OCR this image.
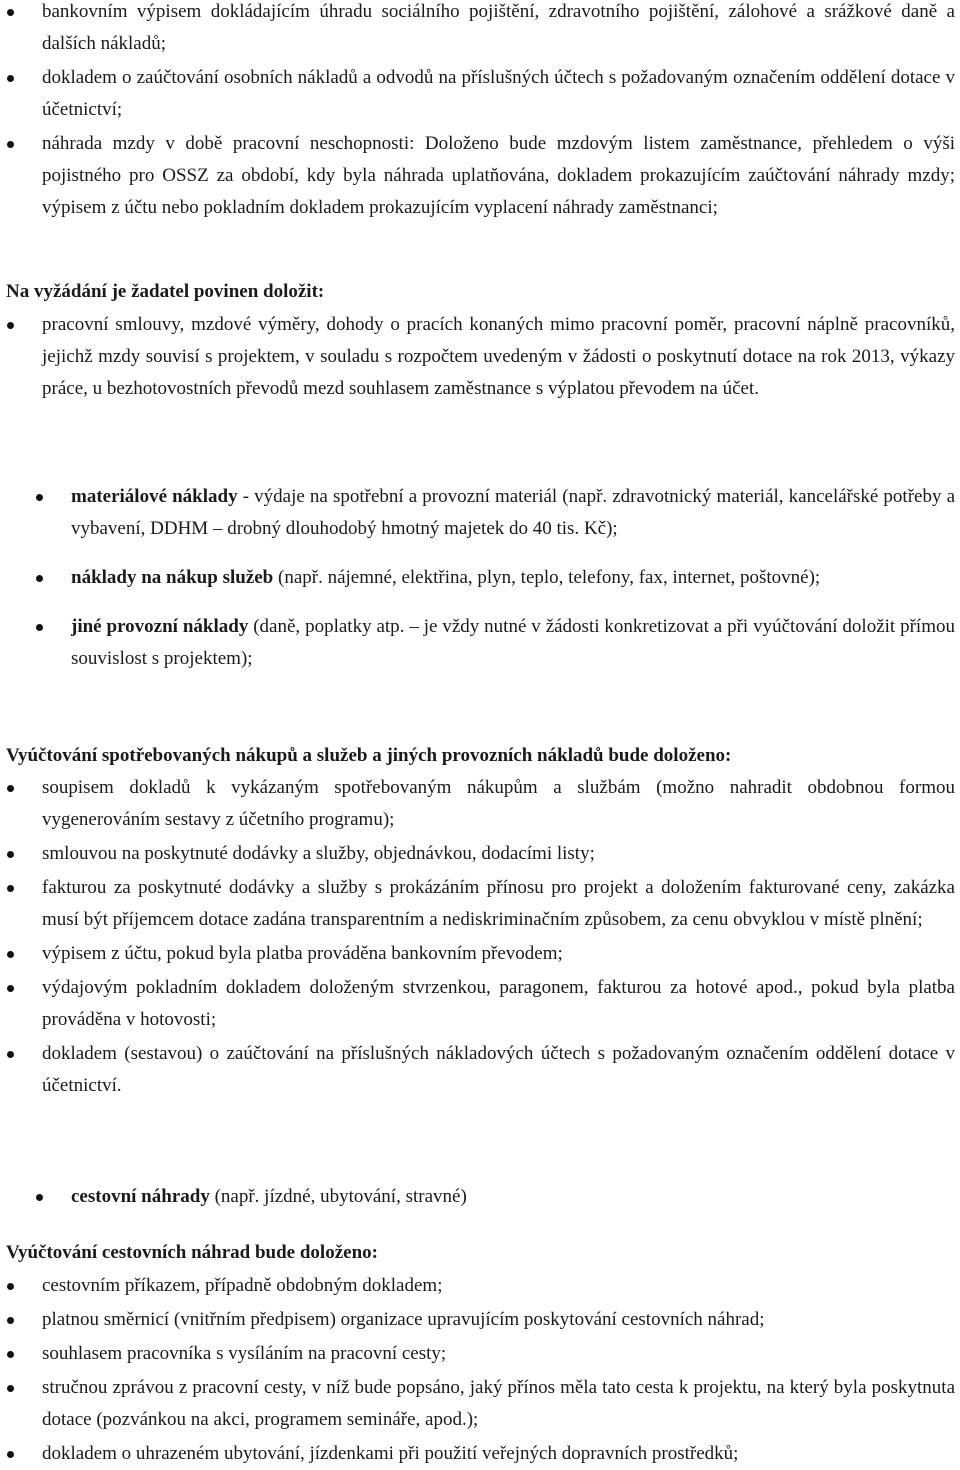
bankovním výpisem dokládajícím úhradu sociálního pojištění, zdravotního pojištění, zálohové a srážkové daně a dalších nákladů;
dokladem o zaúčtování osobních nákladů a odvodů na příslušných účtech s požadovaným označením oddělení dotace v účetnictví;
náhrada mzdy v době pracovní neschopnosti: Doloženo bude mzdovým listem zaměstnance, přehledem o výši pojistného pro OSSZ za období, kdy byla náhrada uplatňována, dokladem prokazujícím zaúčtování náhrady mzdy; výpisem z účtu nebo pokladním dokladem prokazujícím vyplacení náhrady zaměstnanci;
Na vyžádání je žadatel povinen doložit:
pracovní smlouvy, mzdové výměry, dohody o pracích konaných mimo pracovní poměr, pracovní náplně pracovníků, jejichž mzdy souvisí s projektem, v souladu s rozpočtem uvedeným v žádosti o poskytnutí dotace na rok 2013, výkazy práce, u bezhotovostních převodů mezd souhlasem zaměstnance s výplatou převodem na účet.
materiálové náklady - výdaje na spotřební a provozní materiál (např. zdravotnický materiál, kancelářské potřeby a vybavení, DDHM – drobný dlouhodobý hmotný majetek do 40 tis. Kč);
náklady na nákup služeb (např. nájemné, elektřina, plyn, teplo, telefony, fax, internet, poštovné);
jiné provozní náklady (daně, poplatky atp. – je vždy nutné v žádosti konkretizovat a při vyúčtování doložit přímou souvislost s projektem);
Vyúčtování spotřebovaných nákupů a služeb a jiných provozních nákladů bude doloženo:
soupisem dokladů k vykázaným spotřebovaným nákupům a službám (možno nahradit obdobnou formou vygenerováním sestavy z účetního programu);
smlouvou na poskytnuté dodávky a služby, objednávkou, dodacími listy;
fakturou za poskytnuté dodávky a služby s prokázáním přínosu pro projekt a doložením fakturované ceny, zakázka musí být příjemcem dotace zadána transparentním a nediskriminačním způsobem, za cenu obvyklou v místě plnění;
výpisem z účtu, pokud byla platba prováděna bankovním převodem;
výdajovým pokladním dokladem doloženým stvrzenkou, paragonem, fakturou za hotové apod., pokud byla platba prováděna v hotovosti;
dokladem (sestavou) o zaúčtování na příslušných nákladových účtech s požadovaným označením oddělení dotace v účetnictví.
cestovní náhrady (např. jízdné, ubytování, stravné)
Vyúčtování cestovních náhrad bude doloženo:
cestovním příkazem, případně obdobným dokladem;
platnou směrnicí (vnitřním předpisem) organizace upravujícím poskytování cestovních náhrad;
souhlasem pracovníka s vysíláním na pracovní cesty;
stručnou zprávou z pracovní cesty, v níž bude popsáno, jaký přínos měla tato cesta k projektu, na který byla poskytnuta dotace (pozvánkou na akci, programem semináře, apod.);
dokladem o uhrazeném ubytování, jízdenkami při použití veřejných dopravních prostředků;
